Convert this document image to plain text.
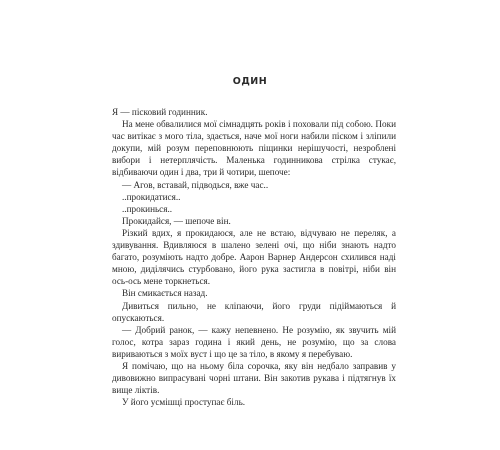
ОДИН

Я — пісковий годинник.

На мене обвалилися мої сімнадцять років і поховали під собою. Поки час витікає з мого тіла, здається, наче мої ноги набили піском і зліпили докупи, мій розум переповнюють піщинки нерішучості, незроблені вибори і нетерплячість. Маленька годинникова стрілка стукає, відбиваючи один і два, три й чотири, шепоче:

— Агов, вставай, підводься, вже час..

..прокидатися..

..прокинься..

Прокидайся, — шепоче він.

Різкий вдих, я прокидаюся, але не встаю, відчуваю не переляк, а здивування. Вдивляюся в шалено зелені очі, що ніби знають надто багато, розуміють надто добре. Аарон Варнер Андерсон схилився наді мною, диділячись стурбовано, його рука застигла в повітрі, ніби він ось-ось мене торкнеться.

Він смикається назад.

Дивиться пильно, не кліпаючи, його груди підіймаються й опускаються.

— Добрий ранок, — кажу непевнено. Не розумію, як звучить мій голос, котра зараз година і який день, не розумію, що за слова вириваються з моїх вуст і що це за тіло, в якому я перебуваю.

Я помічаю, що на ньому біла сорочка, яку він недбало заправив у дивовижно випрасувані чорні штани. Він закотив рукава і підтягнув їх вище ліктів.

У його усмішці проступає біль.
